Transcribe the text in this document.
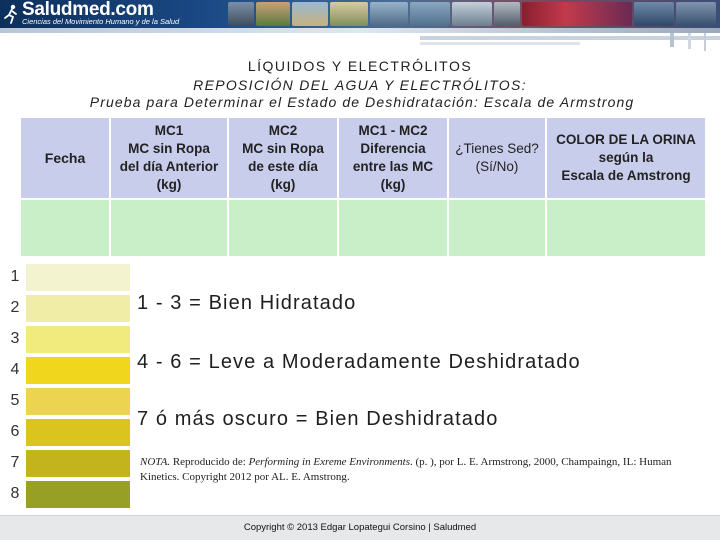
Saludmed.com
Ciencias del Movimiento Humano y de la Salud
LÍQUIDOS Y ELECTRÓLITOS
REPOSICIÓN DEL AGUA Y ELECTRÓLITOS:
Prueba para Determinar el Estado de Deshidratación: Escala de Armstrong
Fecha	MC1
MC sin Ropa
del día Anterior
(kg)	MC2
MC sin Ropa
de este día
(kg)	MC1 - MC2
Diferencia
entre las MC
(kg)	¿Tienes Sed?
(Sí/No)	COLOR DE LA ORINA
según la
Escala de Amstrong

1
2
3
4
5
6
7
8
1 - 3 = Bien Hidratado
4 - 6 = Leve a Moderadamente Deshidratado
7 ó más oscuro = Bien Deshidratado
NOTA. Reproducido de: Performing in Exreme Environments. (p. ), por L. E. Armstrong, 2000, Champaingn, IL: Human Kinetics. Copyright 2012 por AL. E. Amstrong.
Copyright © 2013 Edgar Lopategui Corsino | Saludmed
